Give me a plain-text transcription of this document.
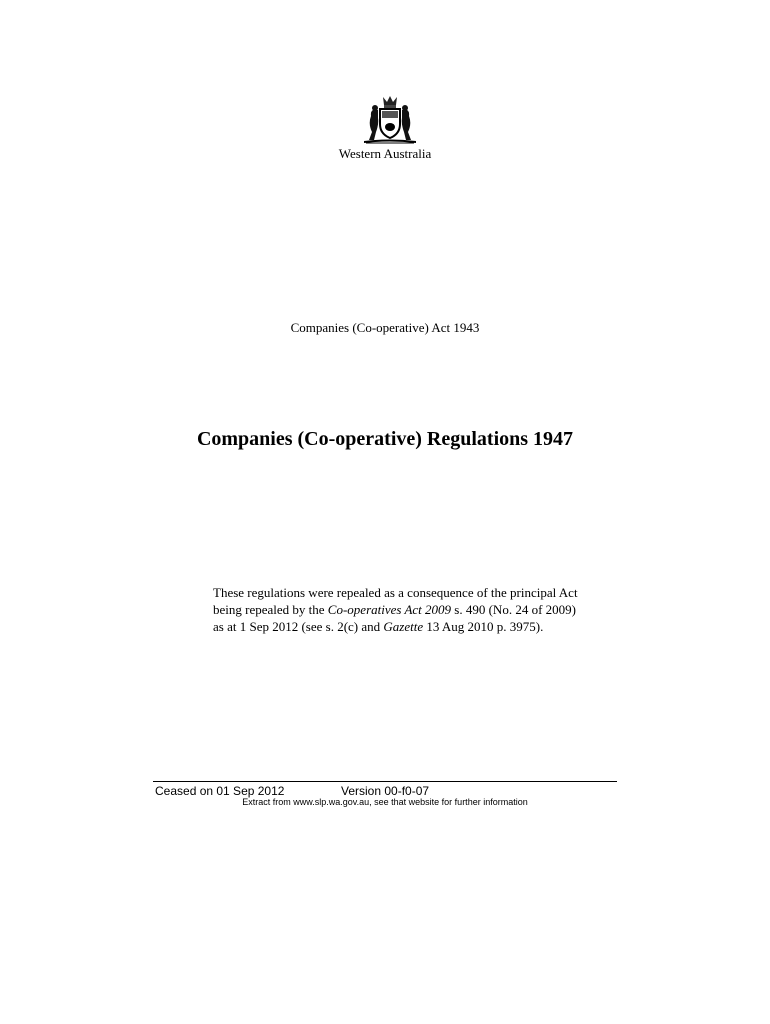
Western Australia
Companies (Co-operative) Act 1943
Companies (Co-operative) Regulations 1947

These regulations were repealed as a consequence of the principal Act

being repealed by the Co-operatives Act 2009 s. 490 (No. 24 of 2009)

as at 1 Sep 2012 (see s. 2(c) and Gazette 13 Aug 2010 p. 3975).

Ceased on 01 Sep 2012	Version 00-f0-07
Extract from www.slp.wa.gov.au, see that website for further information
